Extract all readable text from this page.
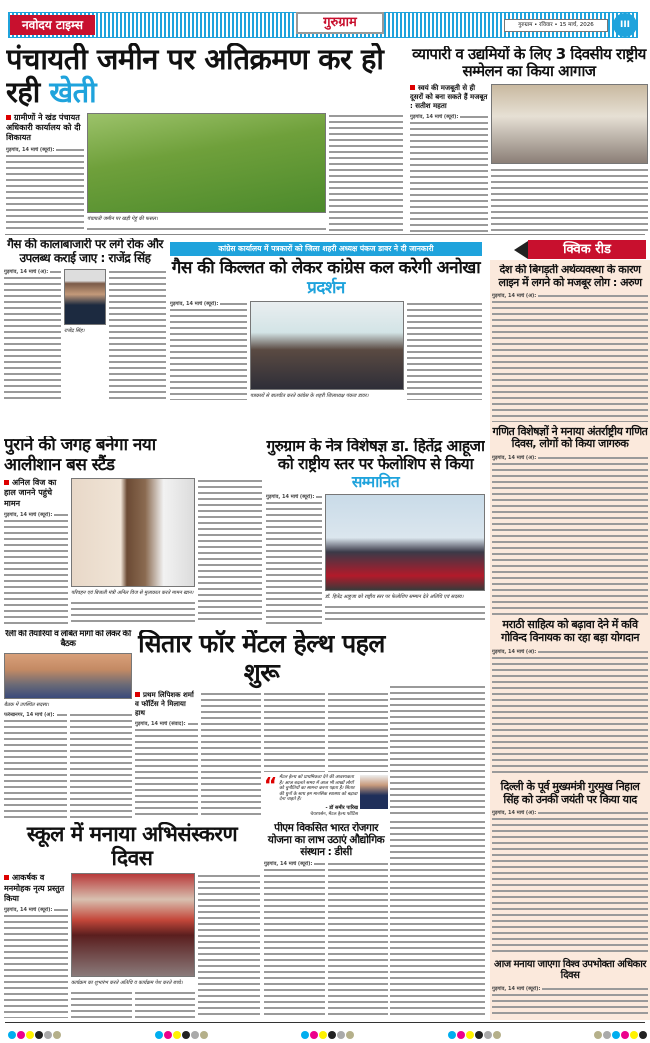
नवोदय टाइम्स	गुरुग्राम	गुरुग्राम • रविवार • 15 मार्च, 2026	III
पंचायती जमीन पर अतिक्रमण कर हो रही खेती
ग्रामीणों ने खंड पंचायत अधिकारी कार्यालय को दी शिकायत
गुड़गांव, 14 मार्च (ब्यूरो):
पंचायती जमीन पर खड़ी गेहूं की फसल।
व्यापारी व उद्यमियों के लिए 3 दिवसीय राष्ट्रीय सम्मेलन का किया आगाज
स्वयं की मजबूती से ही दूसरों को बना सकते हैं मजबूत : सतीश महता
गुड़गांव, 14 मार्च (ब्यूरो):
गैस की कालाबाजारी पर लगे रोक और उपलब्ध कराई जाए : राजेंद्र सिंह
गुड़गांव, 14 मार्च (अ):
राजेंद्र सिंह।
कांग्रेस कार्यालय में पत्रकारों को जिला शहरी अध्यक्ष पंकज डावर ने दी जानकारी
गैस की किल्लत को लेकर कांग्रेस कल करेगी अनोखा प्रदर्शन
गुड़गांव, 14 मार्च (ब्यूरो):
पत्रकारों से बातचीत करते कांग्रेस के शहरी जिलाध्यक्ष पंकज डावर।
क्विक रीड
देश की बिगड़ती अर्थव्यवस्था के कारण लाइन में लगने को मजबूर लोग : अरुण
गुड़गांव, 14 मार्च (अ):
गणित विशेषज्ञों ने मनाया अंतर्राष्ट्रीय गणित दिवस, लोगों को किया जागरुक
गुड़गांव, 14 मार्च (अ):
मराठी साहित्य को बढ़ावा देने में कवि गोविन्द विनायक का रहा बड़ा योगदान
गुड़गांव, 14 मार्च (अ):
दिल्ली के पूर्व मुख्यमंत्री गुरमुख निहाल सिंह को उनकी जयंती पर किया याद
गुड़गांव, 14 मार्च (अ):
आज मनाया जाएगा विश्व उपभोक्ता अधिकार दिवस
गुड़गांव, 14 मार्च (ब्यूरो):
पुराने की जगह बनेगा नया आलीशान बस स्टैंड
अनिल विज का हाल जानने पहुंचे मामन
गुड़गांव, 14 मार्च (ब्यूरो):
परिवहन एवं बिजली मंत्री अनिल विज से मुलाकात करते मामन खान।
गुरुग्राम के नेत्र विशेषज्ञ डा. हितेंद्र आहूजा को राष्ट्रीय स्तर पर फेलोशिप से किया सम्मानित
गुड़गांव, 14 मार्च (ब्यूरो):
डॉ. हितेंद्र आहूजा को राष्ट्रीय स्तर पर फेलोशिप सम्मान देते अतिथि एवं सदस्य।
रैली की तैयारियों व लंबित मांगों को लेकर की बैठक
बैठक में उपस्थित सदस्य।
फर्रुखनगर, 14 मार्च (अ):
सितार फॉर मेंटल हेल्थ पहल शुरू
प्रथम लिपिशक शर्मा व फॉर्टिस ने मिलाया हाथ
गुड़गांव, 14 मार्च (संवाद):
“ मेंटल हेल्थ को प्राथमिकता देने की आवश्यकता है। आज बदलते समय में आज भी लाखों लोगों को चुनौतियों का सामना करना पड़ता है। सितार की धुनों के साथ हम मानसिक स्वास्थ्य को बढ़ावा देना चाहते हैं।
- डॉ समीर पारिख
चेयरपर्सन, मेंटल हेल्थ फॉर्टिस
स्कूल में मनाया अभिसंस्करण दिवस
आकर्षक व मनमोहक नृत्य प्रस्तुत किया
गुड़गांव, 14 मार्च (ब्यूरो):
कार्यक्रम का शुभारंभ करते अतिथि व कार्यक्रम पेश करते बच्चे।
पीएम विकसित भारत रोजगार योजना का लाभ उठाएं औद्योगिक संस्थान : डीसी
गुड़गांव, 14 मार्च (ब्यूरो):
